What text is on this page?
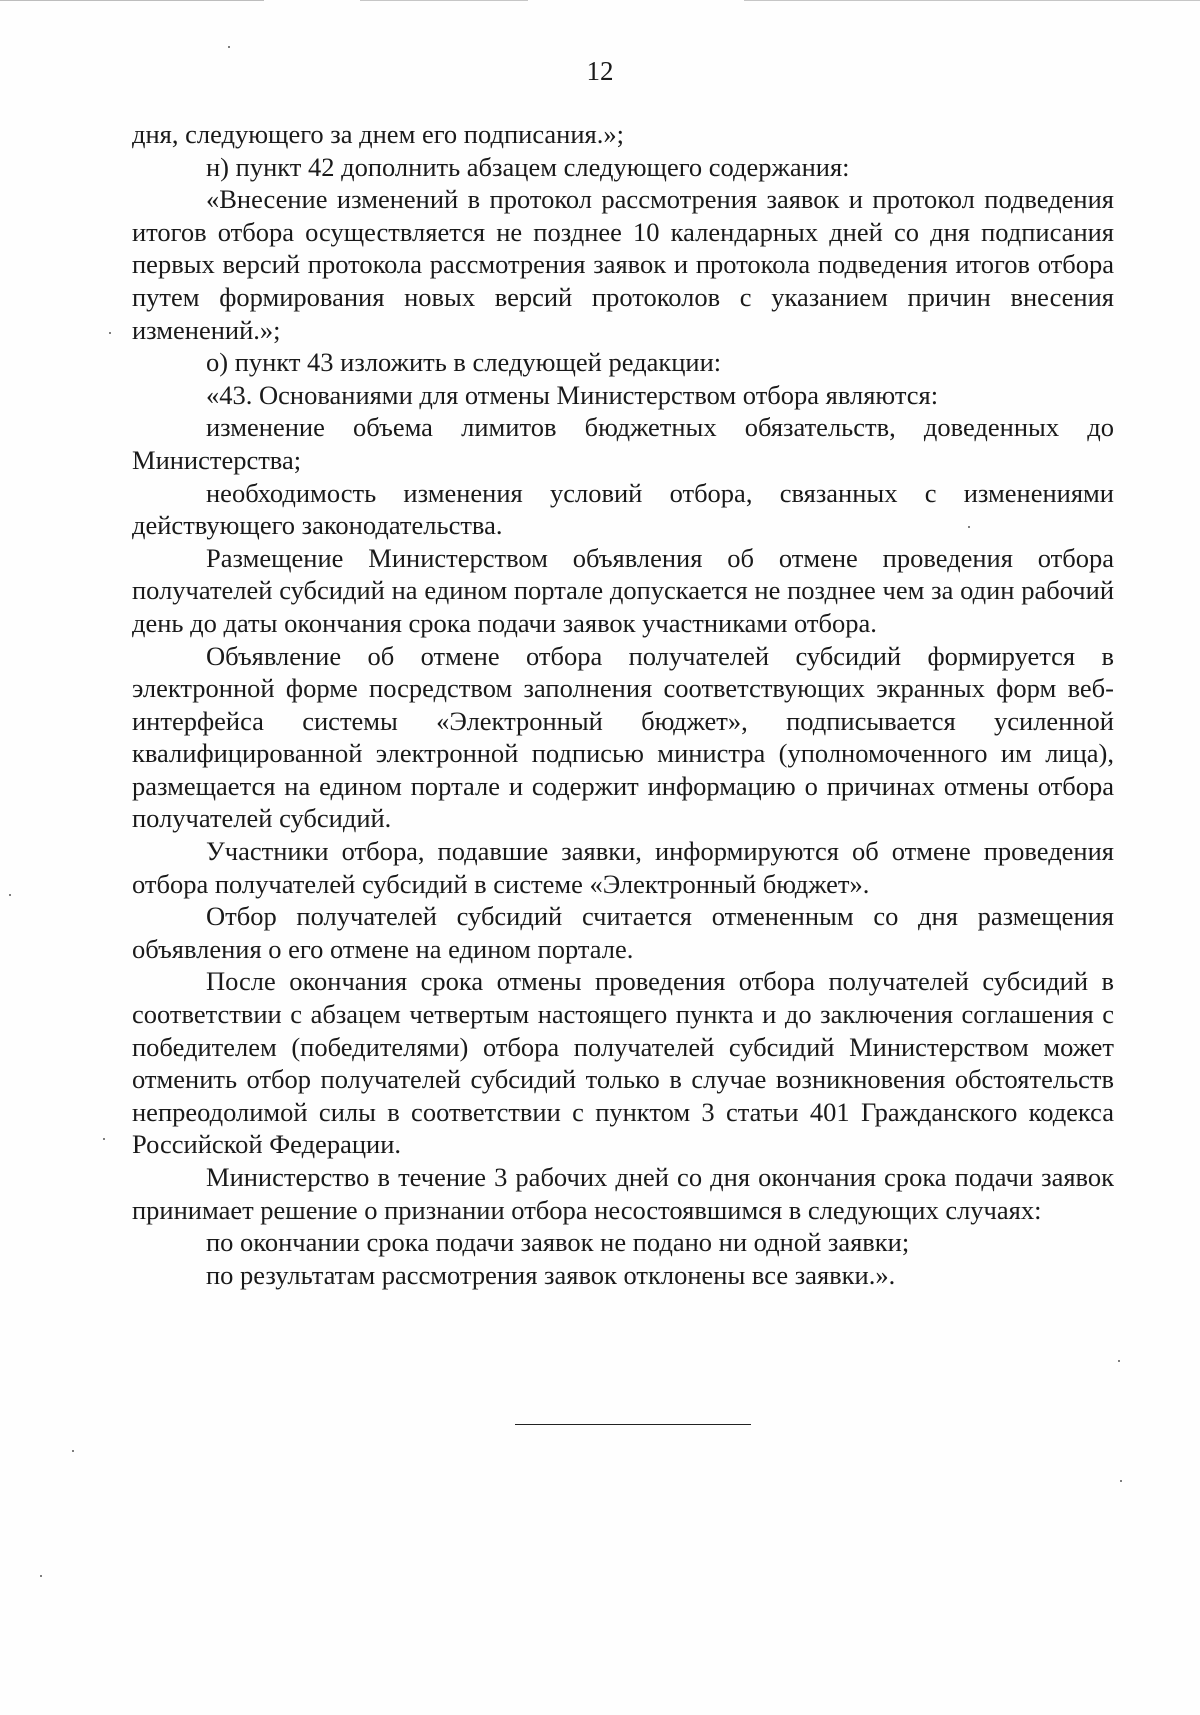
12

дня, следующего за днем его подписания.»;

н) пункт 42 дополнить абзацем следующего содержания:

«Внесение изменений в протокол рассмотрения заявок и протокол подведения итогов отбора осуществляется не позднее 10 календарных дней со дня подписания первых версий протокола рассмотрения заявок и протокола подведения итогов отбора путем формирования новых версий протоколов с указанием причин внесения изменений.»;

о) пункт 43 изложить в следующей редакции:

«43. Основаниями для отмены Министерством отбора являются:

изменение объема лимитов бюджетных обязательств, доведенных до Министерства;

необходимость изменения условий отбора, связанных с изменениями действующего законодательства.

Размещение Министерством объявления об отмене проведения отбора получателей субсидий на едином портале допускается не позднее чем за один рабочий день до даты окончания срока подачи заявок участниками отбора.

Объявление об отмене отбора получателей субсидий формируется в электронной форме посредством заполнения соответствующих экранных форм веб-интерфейса системы «Электронный бюджет», подписывается усиленной квалифицированной электронной подписью министра (уполномоченного им лица), размещается на едином портале и содержит информацию о причинах отмены отбора получателей субсидий.

Участники отбора, подавшие заявки, информируются об отмене проведения отбора получателей субсидий в системе «Электронный бюджет».

Отбор получателей субсидий считается отмененным со дня размещения объявления о его отмене на едином портале.

После окончания срока отмены проведения отбора получателей субсидий в соответствии с абзацем четвертым настоящего пункта и до заключения соглашения с победителем (победителями) отбора получателей субсидий Министерством может отменить отбор получателей субсидий только в случае возникновения обстоятельств непреодолимой силы в соответствии с пунктом 3 статьи 401 Гражданского кодекса Российской Федерации.

Министерство в течение 3 рабочих дней со дня окончания срока подачи заявок принимает решение о признании отбора несостоявшимся в следующих случаях:

по окончании срока подачи заявок не подано ни одной заявки;

по результатам рассмотрения заявок отклонены все заявки.».
